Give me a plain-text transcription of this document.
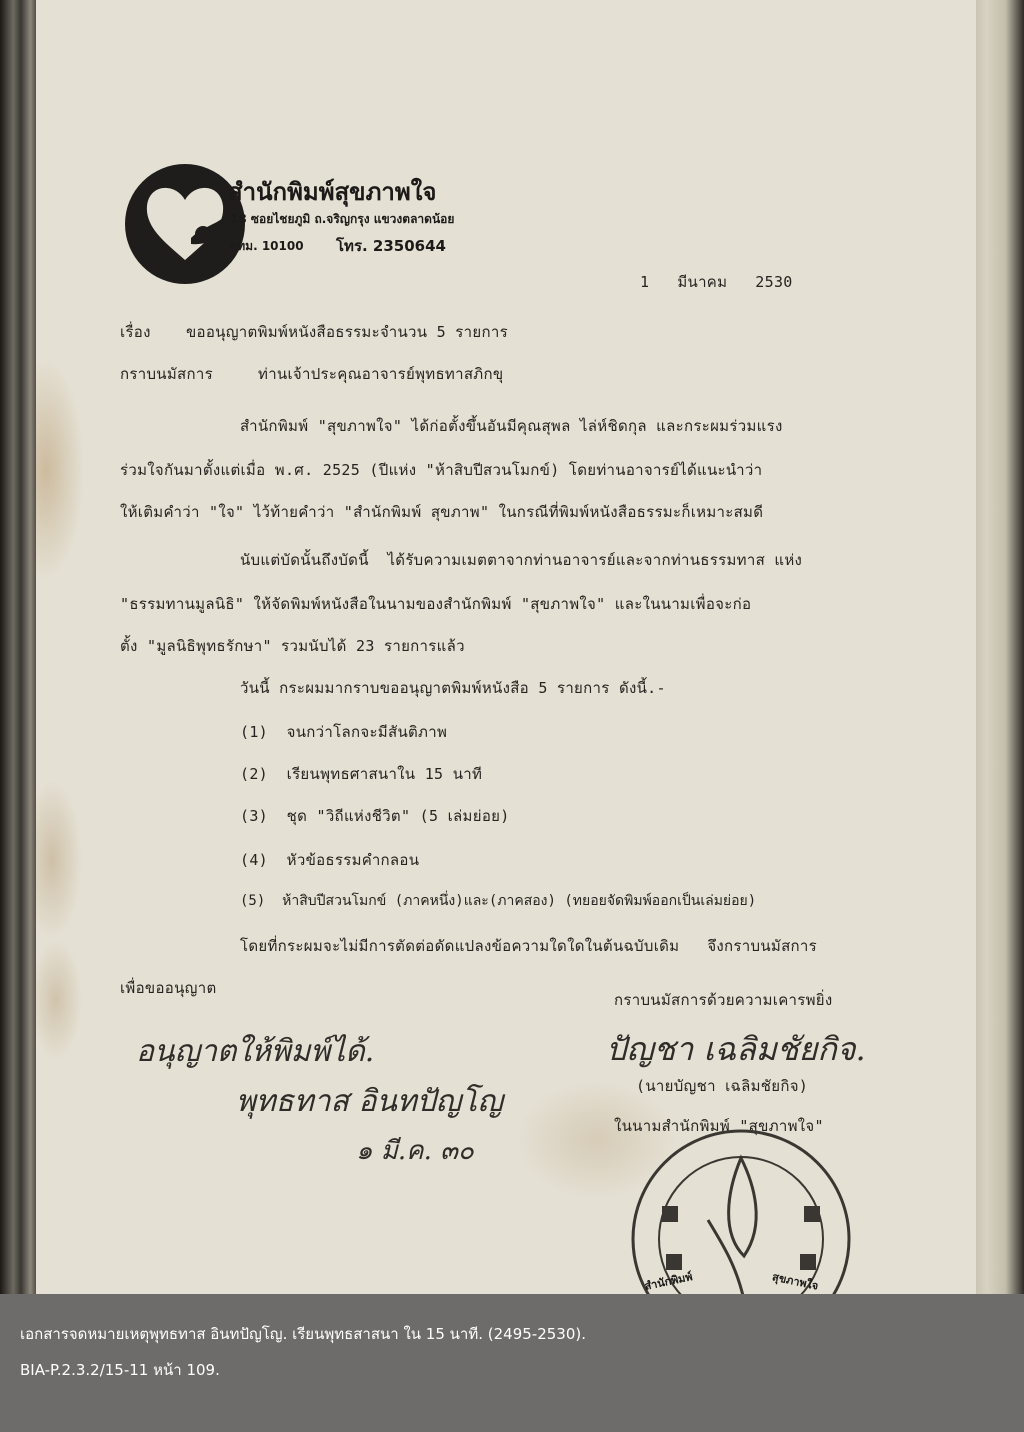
สำนักพิมพ์สุขภาพใจ
18 ซอยไชยภูมิ ถ.จริญกรุง แขวงตลาดน้อย
กทม. 10100 โทร. 2350644
1   มีนาคม   2530
เรื่อง ขออนุญาตพิมพ์หนังสือธรรมะจำนวน 5 รายการ
กราบนมัสการ	ท่านเจ้าประคุณอาจารย์พุทธทาสภิกขุ
สำนักพิมพ์ "สุขภาพใจ" ได้ก่อตั้งขึ้นอันมีคุณสุพล ไล่ห์ชิดกุล และกระผมร่วมแรง
ร่วมใจกันมาตั้งแต่เมื่อ พ.ศ. 2525 (ปีแห่ง "ห้าสิบปีสวนโมกข์) โดยท่านอาจารย์ได้แนะนำว่า
ให้เติมคำว่า "ใจ" ไว้ท้ายคำว่า "สำนักพิมพ์ สุขภาพ" ในกรณีที่พิมพ์หนังสือธรรมะก็เหมาะสมดี
นับแต่บัดนั้นถึงบัดนี้  ได้รับความเมตตาจากท่านอาจารย์และจากท่านธรรมทาส แห่ง
"ธรรมทานมูลนิธิ" ให้จัดพิมพ์หนังสือในนามของสำนักพิมพ์ "สุขภาพใจ" และในนามเพื่อจะก่อ
ตั้ง "มูลนิธิพุทธรักษา" รวมนับได้ 23 รายการแล้ว
วันนี้ กระผมมากราบขออนุญาตพิมพ์หนังสือ 5 รายการ ดังนี้.-
(1)  จนกว่าโลกจะมีสันติภาพ
(2)  เรียนพุทธศาสนาใน 15 นาที
(3)  ชุด "วิถีแห่งชีวิต" (5 เล่มย่อย)
(4)  หัวข้อธรรมคำกลอน
(5)  ห้าสิบปีสวนโมกข์ (ภาคหนึ่ง)และ(ภาคสอง) (ทยอยจัดพิมพ์ออกเป็นเล่มย่อย)
โดยที่กระผมจะไม่มีการตัดต่อดัดแปลงข้อความใดใดในต้นฉบับเดิม   จึงกราบนมัสการ
เพื่อขออนุญาต
กราบนมัสการด้วยความเคารพยิ่ง
ปัญชา เฉลิมชัยกิจ.
(นายบัญชา เฉลิมชัยกิจ)
ในนามสำนักพิมพ์ "สุขภาพใจ"
อนุญาตให้พิมพ์ได้.
พุทธทาส อินทปัญโญ
๑ มี.ค. ๓๐
สำนักพิมพ์	สุขภาพใจ
เอกสารจดหมายเหตุพุทธทาส อินทปัญโญ. เรียนพุทธสาสนา ใน 15 นาที. (2495-2530).
BIA-P.2.3.2/15-11 หน้า 109.
